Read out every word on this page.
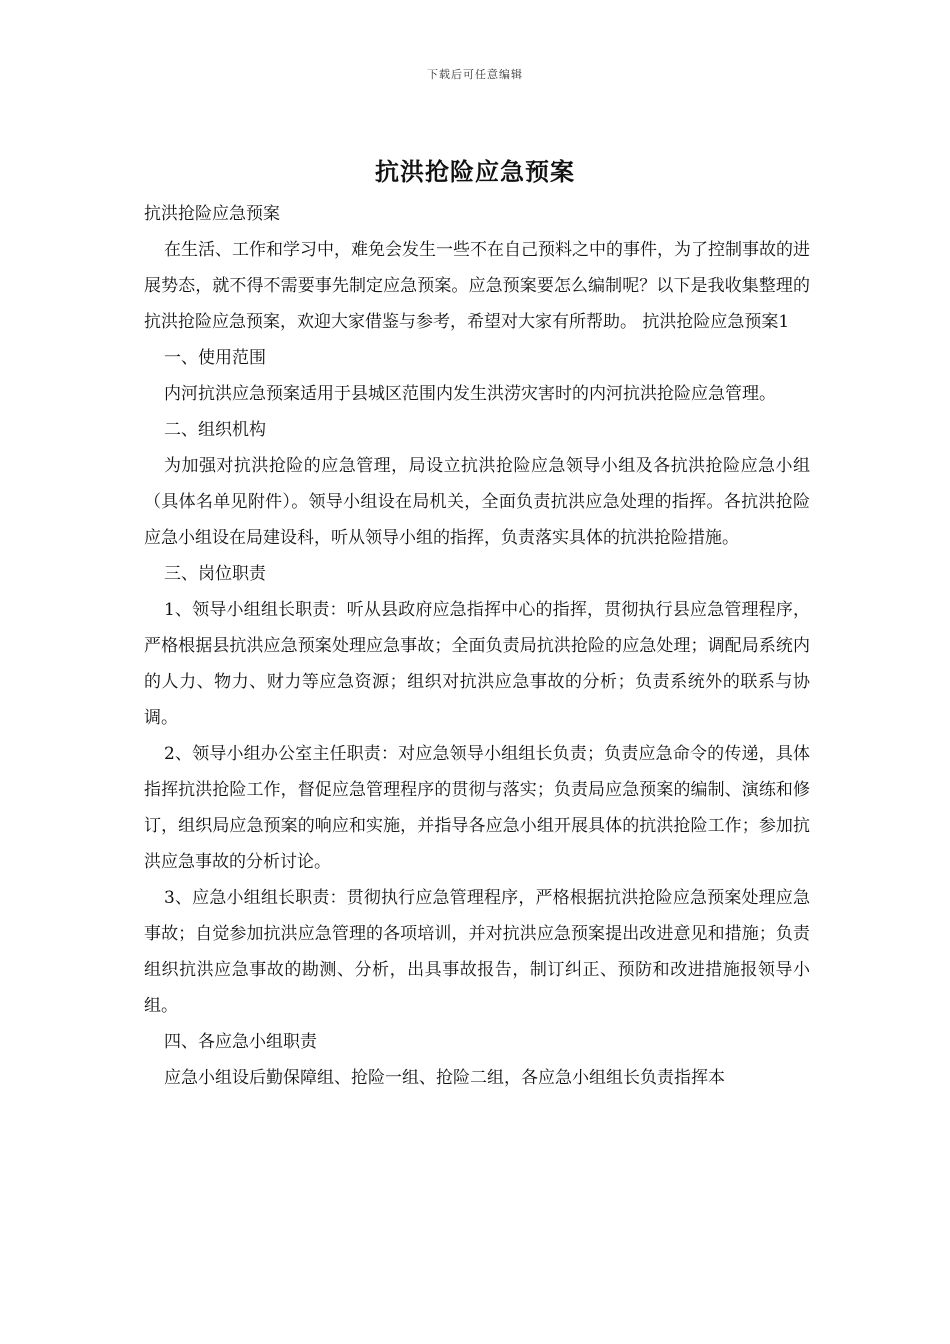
下载后可任意编辑
抗洪抢险应急预案

抗洪抢险应急预案

在生活、工作和学习中，难免会发生一些不在自己预料之中的事件，为了控制事故的进展势态，就不得不需要事先制定应急预案。应急预案要怎么编制呢？以下是我收集整理的抗洪抢险应急预案，欢迎大家借鉴与参考，希望对大家有所帮助。 抗洪抢险应急预案1

一、使用范围

内河抗洪应急预案适用于县城区范围内发生洪涝灾害时的内河抗洪抢险应急管理。

二、组织机构

为加强对抗洪抢险的应急管理，局设立抗洪抢险应急领导小组及各抗洪抢险应急小组（具体名单见附件）。领导小组设在局机关，全面负责抗洪应急处理的指挥。各抗洪抢险应急小组设在局建设科，听从领导小组的指挥，负责落实具体的抗洪抢险措施。

三、岗位职责

1、领导小组组长职责：听从县政府应急指挥中心的指挥，贯彻执行县应急管理程序，严格根据县抗洪应急预案处理应急事故；全面负责局抗洪抢险的应急处理；调配局系统内的人力、物力、财力等应急资源；组织对抗洪应急事故的分析；负责系统外的联系与协调。

2、领导小组办公室主任职责：对应急领导小组组长负责；负责应急命令的传递，具体指挥抗洪抢险工作，督促应急管理程序的贯彻与落实；负责局应急预案的编制、演练和修订，组织局应急预案的响应和实施，并指导各应急小组开展具体的抗洪抢险工作；参加抗洪应急事故的分析讨论。

3、应急小组组长职责：贯彻执行应急管理程序，严格根据抗洪抢险应急预案处理应急事故；自觉参加抗洪应急管理的各项培训，并对抗洪应急预案提出改进意见和措施；负责组织抗洪应急事故的勘测、分析，出具事故报告，制订纠正、预防和改进措施报领导小组。

四、各应急小组职责

应急小组设后勤保障组、抢险一组、抢险二组，各应急小组组长负责指挥本
